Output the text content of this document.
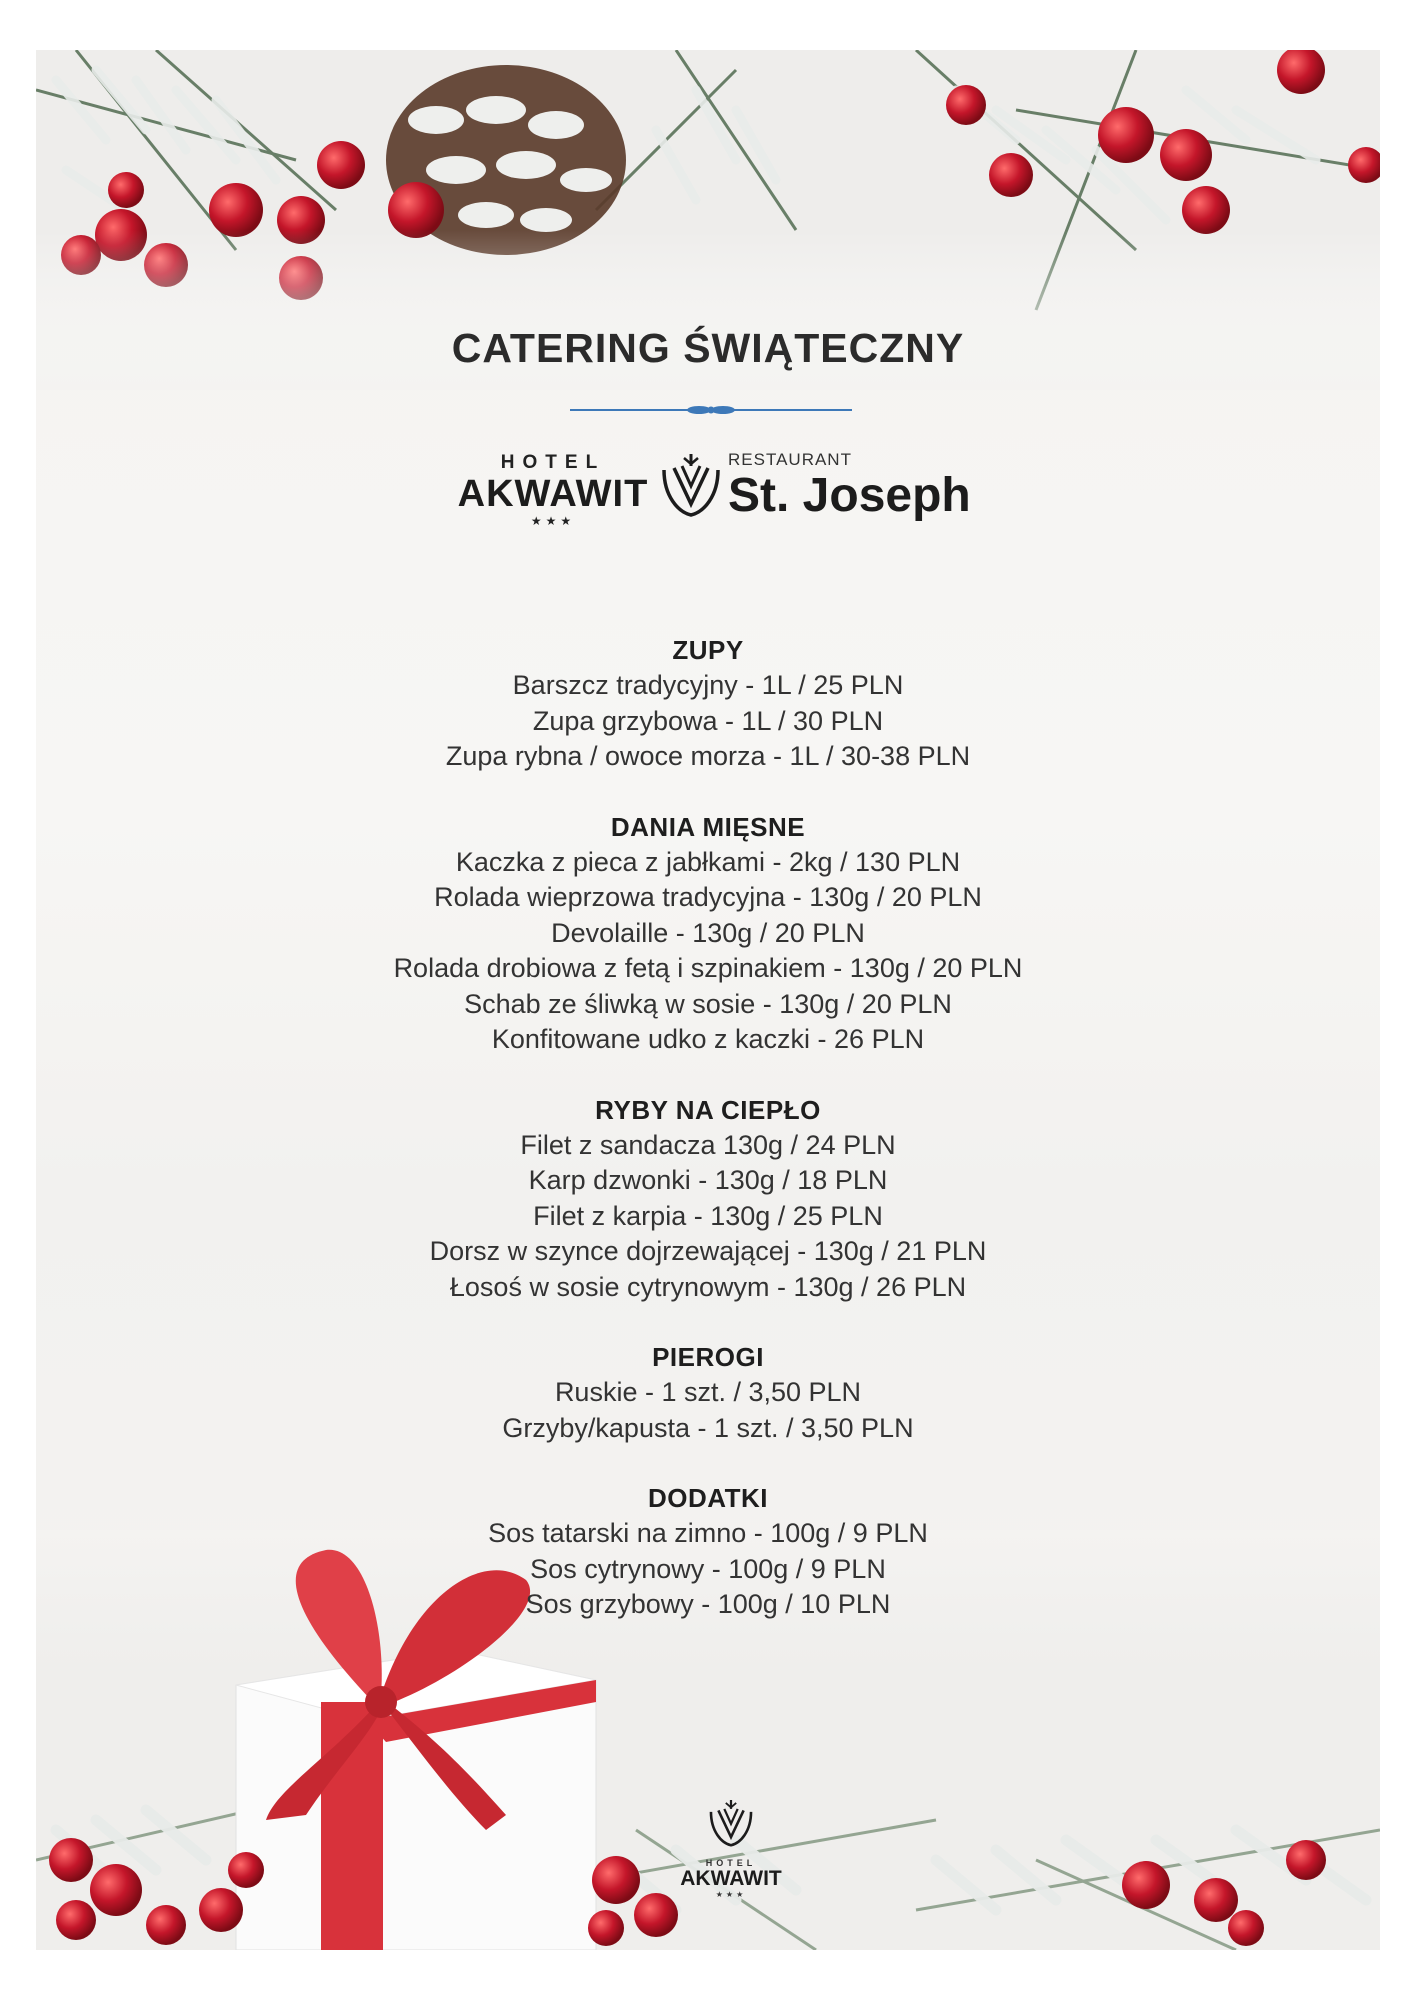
CATERING ŚWIĄTECZNY
HOTEL
AKWAWIT
★★★
RESTAURANT
St. Joseph
ZUPY

Barszcz tradycyjny - 1L / 25 PLN

Zupa grzybowa - 1L / 30 PLN

Zupa rybna / owoce morza - 1L / 30-38 PLN

DANIA MIĘSNE

Kaczka z pieca z jabłkami - 2kg / 130 PLN

Rolada wieprzowa tradycyjna - 130g / 20 PLN

Devolaille - 130g / 20 PLN

Rolada drobiowa z fetą i szpinakiem - 130g / 20 PLN

Schab ze śliwką w sosie - 130g / 20 PLN

Konfitowane udko z kaczki - 26 PLN

RYBY NA CIEPŁO

Filet z sandacza 130g / 24 PLN

Karp dzwonki - 130g / 18 PLN

Filet z karpia - 130g / 25 PLN

Dorsz w szynce dojrzewającej - 130g / 21 PLN

Łosoś w sosie cytrynowym - 130g / 26 PLN

PIEROGI

Ruskie - 1 szt. / 3,50 PLN

Grzyby/kapusta - 1 szt. / 3,50 PLN

DODATKI

Sos tatarski na zimno - 100g / 9 PLN

Sos cytrynowy - 100g / 9 PLN

Sos grzybowy - 100g / 10 PLN

HOTEL
AKWAWIT
★★★
